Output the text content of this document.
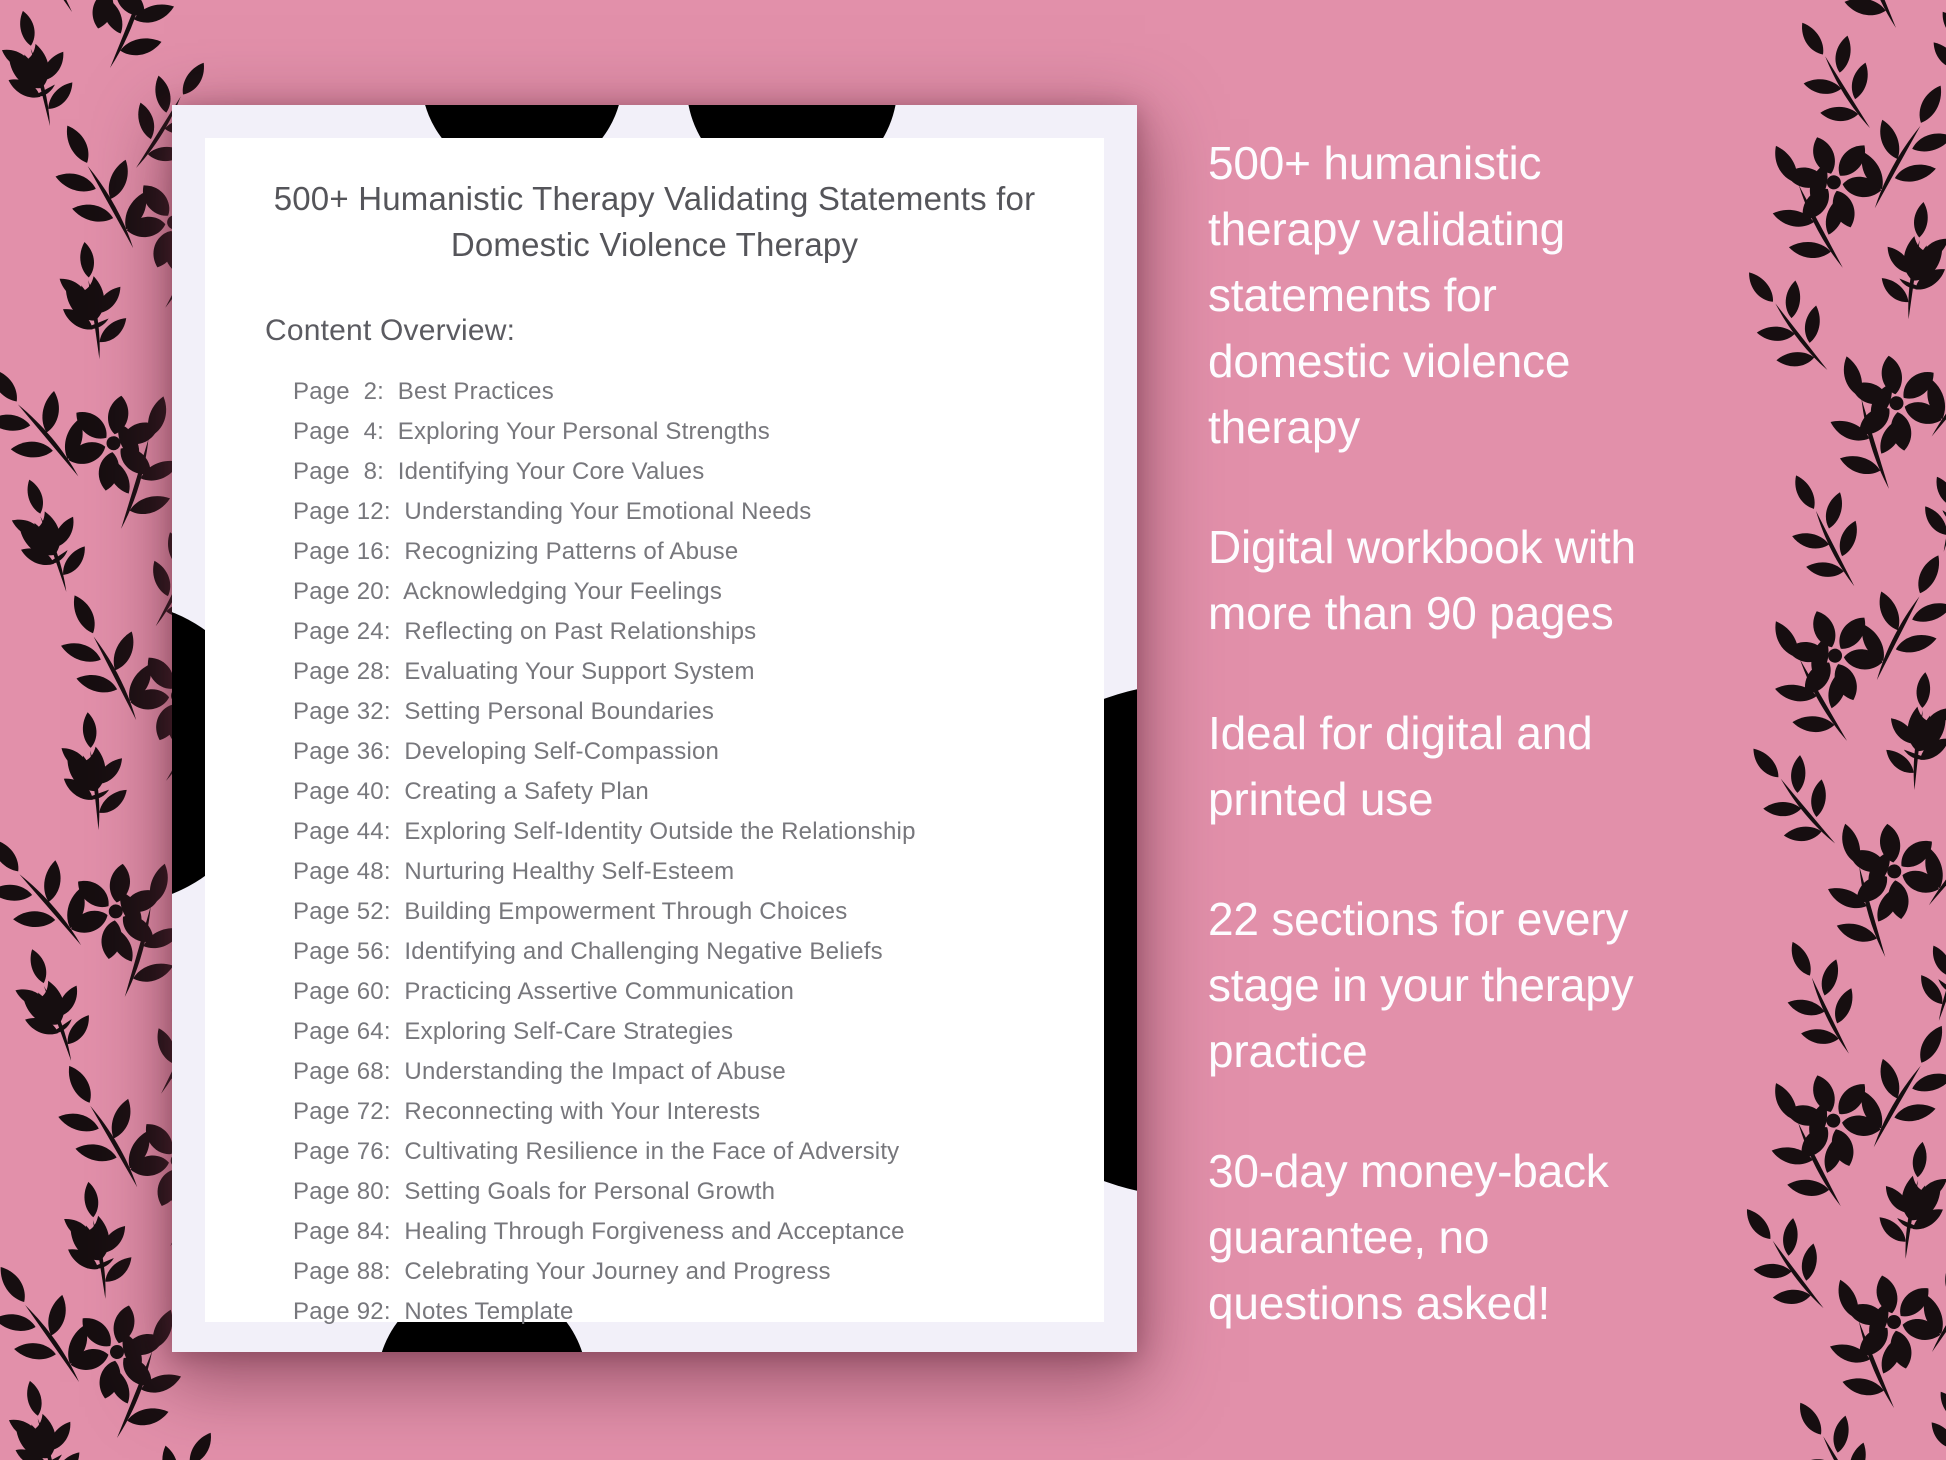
500+ Humanistic Therapy Validating Statements for Domestic Violence Therapy
Content Overview:
Page  2:  Best Practices
Page  4:  Exploring Your Personal Strengths
Page  8:  Identifying Your Core Values
Page 12:  Understanding Your Emotional Needs
Page 16:  Recognizing Patterns of Abuse
Page 20:  Acknowledging Your Feelings
Page 24:  Reflecting on Past Relationships
Page 28:  Evaluating Your Support System
Page 32:  Setting Personal Boundaries
Page 36:  Developing Self-Compassion
Page 40:  Creating a Safety Plan
Page 44:  Exploring Self-Identity Outside the Relationship
Page 48:  Nurturing Healthy Self-Esteem
Page 52:  Building Empowerment Through Choices
Page 56:  Identifying and Challenging Negative Beliefs
Page 60:  Practicing Assertive Communication
Page 64:  Exploring Self-Care Strategies
Page 68:  Understanding the Impact of Abuse
Page 72:  Reconnecting with Your Interests
Page 76:  Cultivating Resilience in the Face of Adversity
Page 80:  Setting Goals for Personal Growth
Page 84:  Healing Through Forgiveness and Acceptance
Page 88:  Celebrating Your Journey and Progress
Page 92:  Notes Template
500+ humanistic
therapy validating
statements for
domestic violence
therapy
Digital workbook with
more than 90 pages
Ideal for digital and
printed use
22 sections for every
stage in your therapy
practice
30-day money-back
guarantee, no
questions asked!
